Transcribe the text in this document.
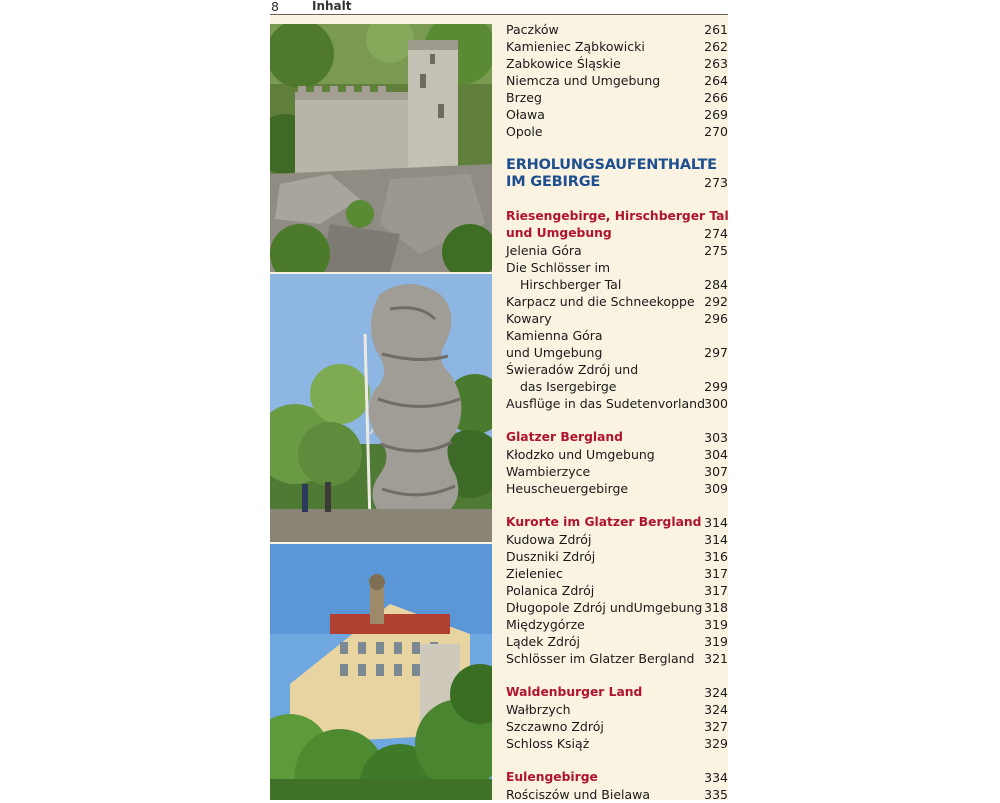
8	Inhalt
Paczków	261
Kamieniec Ząbkowicki	262
Zabkowice Śląskie	263
Niemcza und Umgebung	264
Brzeg	266
Oława	269
Opole	270
ERHOLUNGSAUFENTHALTE
IM GEBIRGE	273
Riesengebirge, Hirschberger Tal
und Umgebung	274
Jelenia Góra	275
Die Schlösser im
Hirschberger Tal	284
Karpacz und die Schneekoppe 292
Kowary	296
Kamienna Góra
und Umgebung	297
Świeradów Zdrój und
das Isergebirge	299
Ausflüge in das Sudetenvorland 300
Glatzer Bergland	303
Kłodzko und Umgebung	304
Wambierzyce	307
Heuscheuergebirge	309
Kurorte im Glatzer Bergland 314
Kudowa Zdrój	314
Duszniki Zdrój	316
Zieleniec	317
Polanica Zdrój	317
Długopole Zdrój undUmgebung 318
Międzygórze	319
Lądek Zdrój	319
Schlösser im Glatzer Bergland 321
Waldenburger Land	324
Wałbrzych	324
Szczawno Zdrój	327
Schloss Książ	329
Eulengebirge	334
Rościszów und Bielawa	335
